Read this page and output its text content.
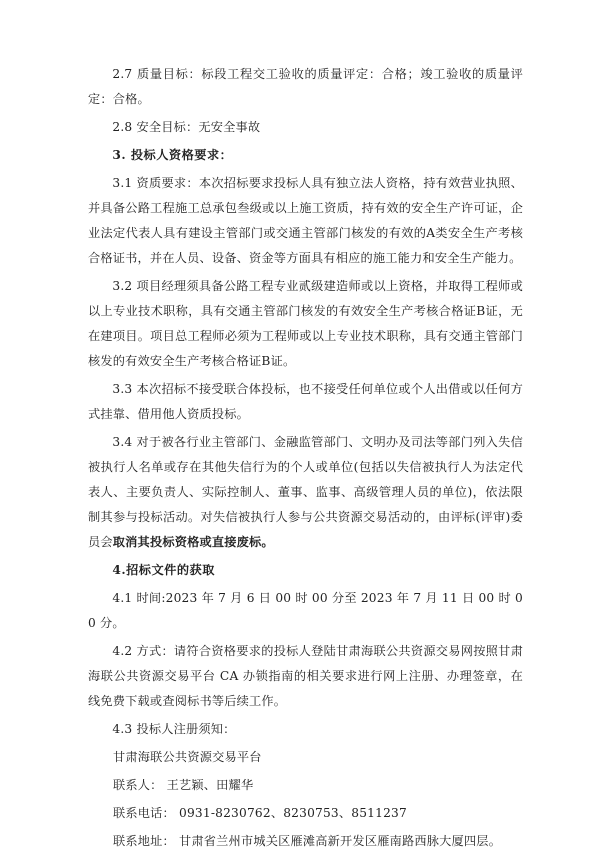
2.7 质量目标：标段工程交工验收的质量评定：合格；竣工验收的质量评定：合格。

2.8 安全目标：无安全事故

3. 投标人资格要求：

3.1 资质要求：本次招标要求投标人具有独立法人资格，持有效营业执照、并具备公路工程施工总承包叁级或以上施工资质，持有效的安全生产许可证，企业法定代表人具有建设主管部门或交通主管部门核发的有效的A类安全生产考核合格证书，并在人员、设备、资金等方面具有相应的施工能力和安全生产能力。

3.2 项目经理须具备公路工程专业贰级建造师或以上资格，并取得工程师或以上专业技术职称，具有交通主管部门核发的有效安全生产考核合格证B证，无在建项目。项目总工程师必须为工程师或以上专业技术职称，具有交通主管部门核发的有效安全生产考核合格证B证。

3.3 本次招标不接受联合体投标，也不接受任何单位或个人出借或以任何方式挂靠、借用他人资质投标。

3.4 对于被各行业主管部门、金融监管部门、文明办及司法等部门列入失信被执行人名单或存在其他失信行为的个人或单位(包括以失信被执行人为法定代表人、主要负责人、实际控制人、董事、监事、高级管理人员的单位)，依法限制其参与投标活动。对失信被执行人参与公共资源交易活动的，由评标(评审)委员会取消其投标资格或直接废标。

4.招标文件的获取

4.1 时间:2023 年 7 月 6 日 00 时 00 分至 2023 年 7 月 11 日 00 时 00 分。

4.2 方式：请符合资格要求的投标人登陆甘肃海联公共资源交易网按照甘肃海联公共资源交易平台 CA 办锁指南的相关要求进行网上注册、办理签章，在线免费下载或查阅标书等后续工作。

4.3 投标人注册须知：

甘肃海联公共资源交易平台

联系人： 王艺颖、田耀华

联系电话： 0931-8230762、8230753、8511237

联系地址： 甘肃省兰州市城关区雁滩高新开发区雁南路西脉大厦四层。
